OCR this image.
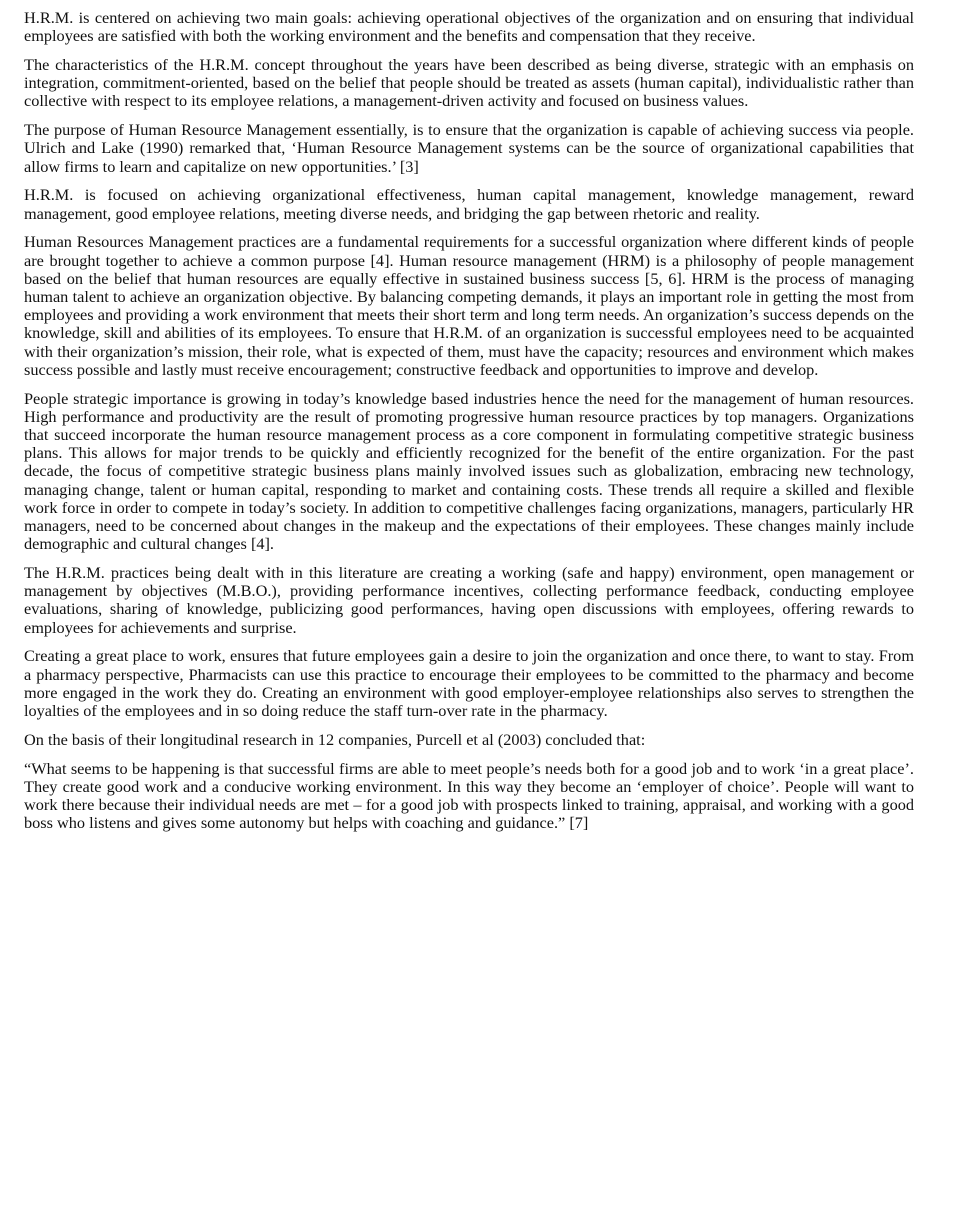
H.R.M. is centered on achieving two main goals: achieving operational objectives of the organization and on ensuring that individual employees are satisfied with both the working environment and the benefits and compensation that they receive.

The characteristics of the H.R.M. concept throughout the years have been described as being diverse, strategic with an emphasis on integration, commitment-oriented, based on the belief that people should be treated as assets (human capital), individualistic rather than collective with respect to its employee relations, a management-driven activity and focused on business values.

The purpose of Human Resource Management essentially, is to ensure that the organization is capable of achieving success via people. Ulrich and Lake (1990) remarked that, ‘Human Resource Management systems can be the source of organizational capabilities that allow firms to learn and capitalize on new opportunities.’ [3]

H.R.M. is focused on achieving organizational effectiveness, human capital management, knowledge management, reward management, good employee relations, meeting diverse needs, and bridging the gap between rhetoric and reality.

Human Resources Management practices are a fundamental requirements for a successful organization where different kinds of people are brought together to achieve a common purpose [4]. Human resource management (HRM) is a philosophy of people management based on the belief that human resources are equally effective in sustained business success [5, 6]. HRM is the process of managing human talent to achieve an organization objective. By balancing competing demands, it plays an important role in getting the most from employees and providing a work environment that meets their short term and long term needs. An organization’s success depends on the knowledge, skill and abilities of its employees. To ensure that H.R.M. of an organization is successful employees need to be acquainted with their organization’s mission, their role, what is expected of them, must have the capacity; resources and environment which makes success possible and lastly must receive encouragement; constructive feedback and opportunities to improve and develop.

People strategic importance is growing in today’s knowledge based industries hence the need for the management of human resources. High performance and productivity are the result of promoting progressive human resource practices by top managers. Organizations that succeed incorporate the human resource management process as a core component in formulating competitive strategic business plans. This allows for major trends to be quickly and efficiently recognized for the benefit of the entire organization. For the past decade, the focus of competitive strategic business plans mainly involved issues such as globalization, embracing new technology, managing change, talent or human capital, responding to market and containing costs. These trends all require a skilled and flexible work force in order to compete in today’s society. In addition to competitive challenges facing organizations, managers, particularly HR managers, need to be concerned about changes in the makeup and the expectations of their employees. These changes mainly include demographic and cultural changes [4].

The H.R.M. practices being dealt with in this literature are creating a working (safe and happy) environment, open management or management by objectives (M.B.O.), providing performance incentives, collecting performance feedback, conducting employee evaluations, sharing of knowledge, publicizing good performances, having open discussions with employees, offering rewards to employees for achievements and surprise.

Creating a great place to work, ensures that future employees gain a desire to join the organization and once there, to want to stay. From a pharmacy perspective, Pharmacists can use this practice to encourage their employees to be committed to the pharmacy and become more engaged in the work they do. Creating an environment with good employer-employee relationships also serves to strengthen the loyalties of the employees and in so doing reduce the staff turn-over rate in the pharmacy.

On the basis of their longitudinal research in 12 companies, Purcell et al (2003) concluded that:

“What seems to be happening is that successful firms are able to meet people’s needs both for a good job and to work ‘in a great place’. They create good work and a conducive working environment. In this way they become an ‘employer of choice’. People will want to work there because their individual needs are met – for a good job with prospects linked to training, appraisal, and working with a good boss who listens and gives some autonomy but helps with coaching and guidance.” [7]
